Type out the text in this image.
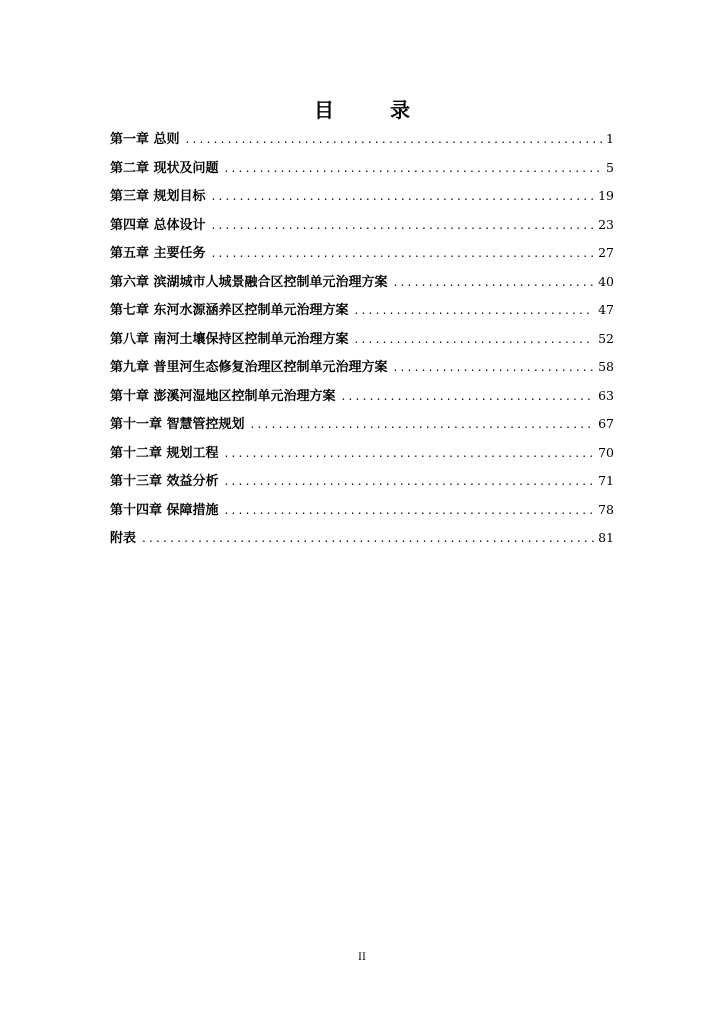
目　录
第一章 总则 .....	1
第二章 现状及问题 .....	5
第三章 规划目标 .....	19
第四章 总体设计 .....	23
第五章 主要任务 .....	27
第六章 滨湖城市人城景融合区控制单元治理方案 .....	40
第七章 东河水源涵养区控制单元治理方案 .....	47
第八章 南河土壤保持区控制单元治理方案 .....	52
第九章 普里河生态修复治理区控制单元治理方案 .....	58
第十章 澎溪河湿地区控制单元治理方案 .....	63
第十一章 智慧管控规划 .....	67
第十二章 规划工程 .....	70
第十三章 效益分析 .....	71
第十四章 保障措施 .....	78
附表 .....	81
II
